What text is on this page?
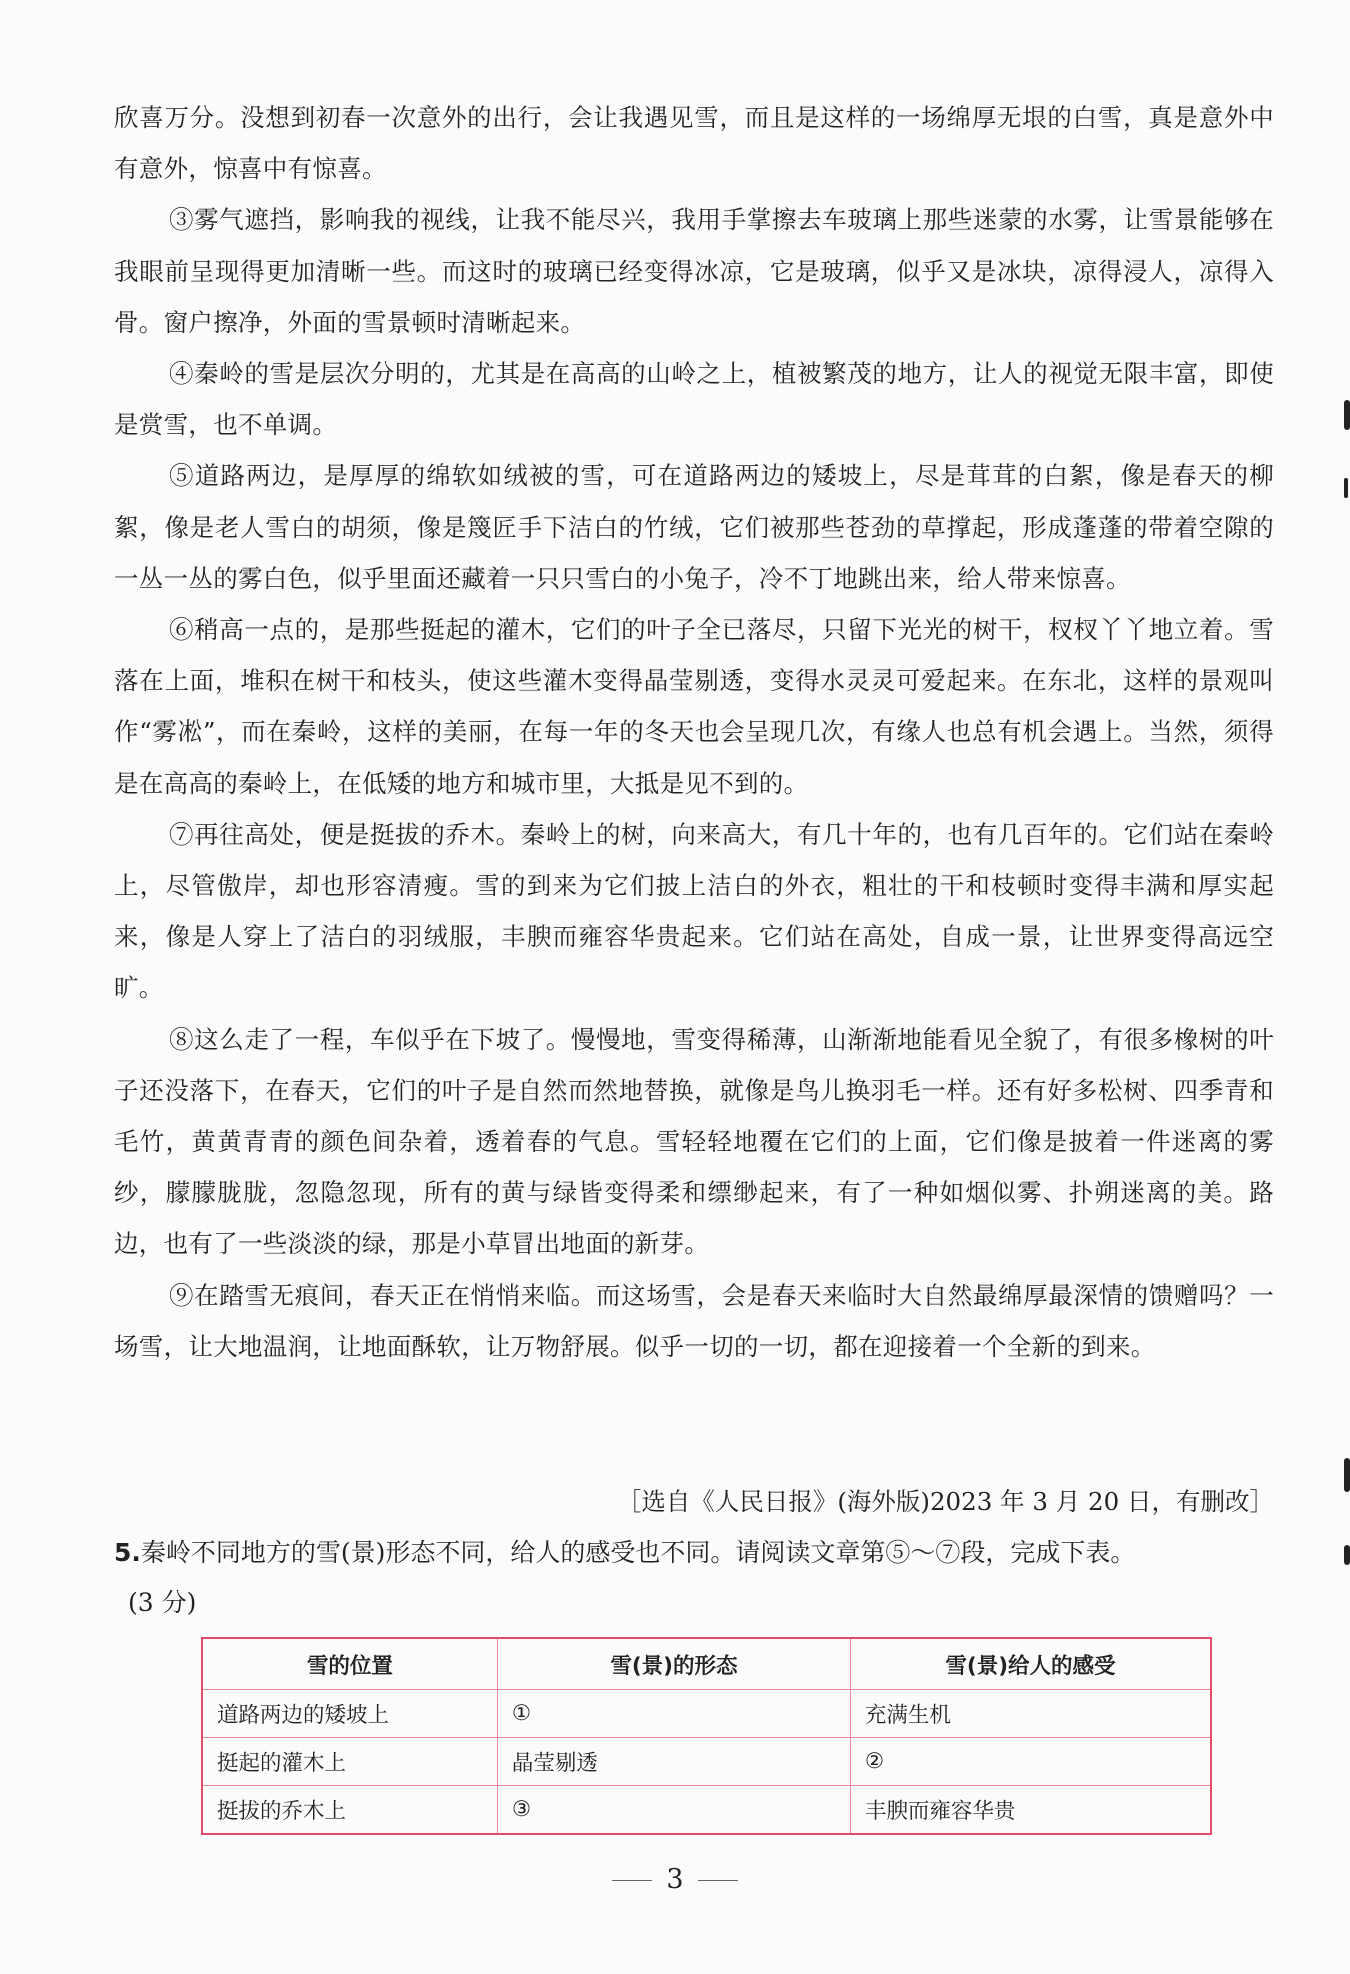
欣喜万分。没想到初春一次意外的出行，会让我遇见雪，而且是这样的一场绵厚无垠的白雪，真是意外中有意外，惊喜中有惊喜。

③雾气遮挡，影响我的视线，让我不能尽兴，我用手掌擦去车玻璃上那些迷蒙的水雾，让雪景能够在我眼前呈现得更加清晰一些。而这时的玻璃已经变得冰凉，它是玻璃，似乎又是冰块，凉得浸人，凉得入骨。窗户擦净，外面的雪景顿时清晰起来。

④秦岭的雪是层次分明的，尤其是在高高的山岭之上，植被繁茂的地方，让人的视觉无限丰富，即使是赏雪，也不单调。

⑤道路两边，是厚厚的绵软如绒被的雪，可在道路两边的矮坡上，尽是茸茸的白絮，像是春天的柳絮，像是老人雪白的胡须，像是篾匠手下洁白的竹绒，它们被那些苍劲的草撑起，形成蓬蓬的带着空隙的一丛一丛的雾白色，似乎里面还藏着一只只雪白的小兔子，冷不丁地跳出来，给人带来惊喜。

⑥稍高一点的，是那些挺起的灌木，它们的叶子全已落尽，只留下光光的树干，杈杈丫丫地立着。雪落在上面，堆积在树干和枝头，使这些灌木变得晶莹剔透，变得水灵灵可爱起来。在东北，这样的景观叫作“雾凇”，而在秦岭，这样的美丽，在每一年的冬天也会呈现几次，有缘人也总有机会遇上。当然，须得是在高高的秦岭上，在低矮的地方和城市里，大抵是见不到的。

⑦再往高处，便是挺拔的乔木。秦岭上的树，向来高大，有几十年的，也有几百年的。它们站在秦岭上，尽管傲岸，却也形容清瘦。雪的到来为它们披上洁白的外衣，粗壮的干和枝顿时变得丰满和厚实起来，像是人穿上了洁白的羽绒服，丰腴而雍容华贵起来。它们站在高处，自成一景，让世界变得高远空旷。

⑧这么走了一程，车似乎在下坡了。慢慢地，雪变得稀薄，山渐渐地能看见全貌了，有很多橡树的叶子还没落下，在春天，它们的叶子是自然而然地替换，就像是鸟儿换羽毛一样。还有好多松树、四季青和毛竹，黄黄青青的颜色间杂着，透着春的气息。雪轻轻地覆在它们的上面，它们像是披着一件迷离的雾纱，朦朦胧胧，忽隐忽现，所有的黄与绿皆变得柔和缥缈起来，有了一种如烟似雾、扑朔迷离的美。路边，也有了一些淡淡的绿，那是小草冒出地面的新芽。

⑨在踏雪无痕间，春天正在悄悄来临。而这场雪，会是春天来临时大自然最绵厚最深情的馈赠吗？一场雪，让大地温润，让地面酥软，让万物舒展。似乎一切的一切，都在迎接着一个全新的到来。

［选自《人民日报》(海外版)2023 年 3 月 20 日，有删改］
5.秦岭不同地方的雪(景)形态不同，给人的感受也不同。请阅读文章第⑤～⑦段，完成下表。
(3 分)
雪的位置	雪(景)的形态	雪(景)给人的感受
道路两边的矮坡上	①	充满生机
挺起的灌木上	晶莹剔透	②
挺拔的乔木上	③	丰腴而雍容华贵
3
